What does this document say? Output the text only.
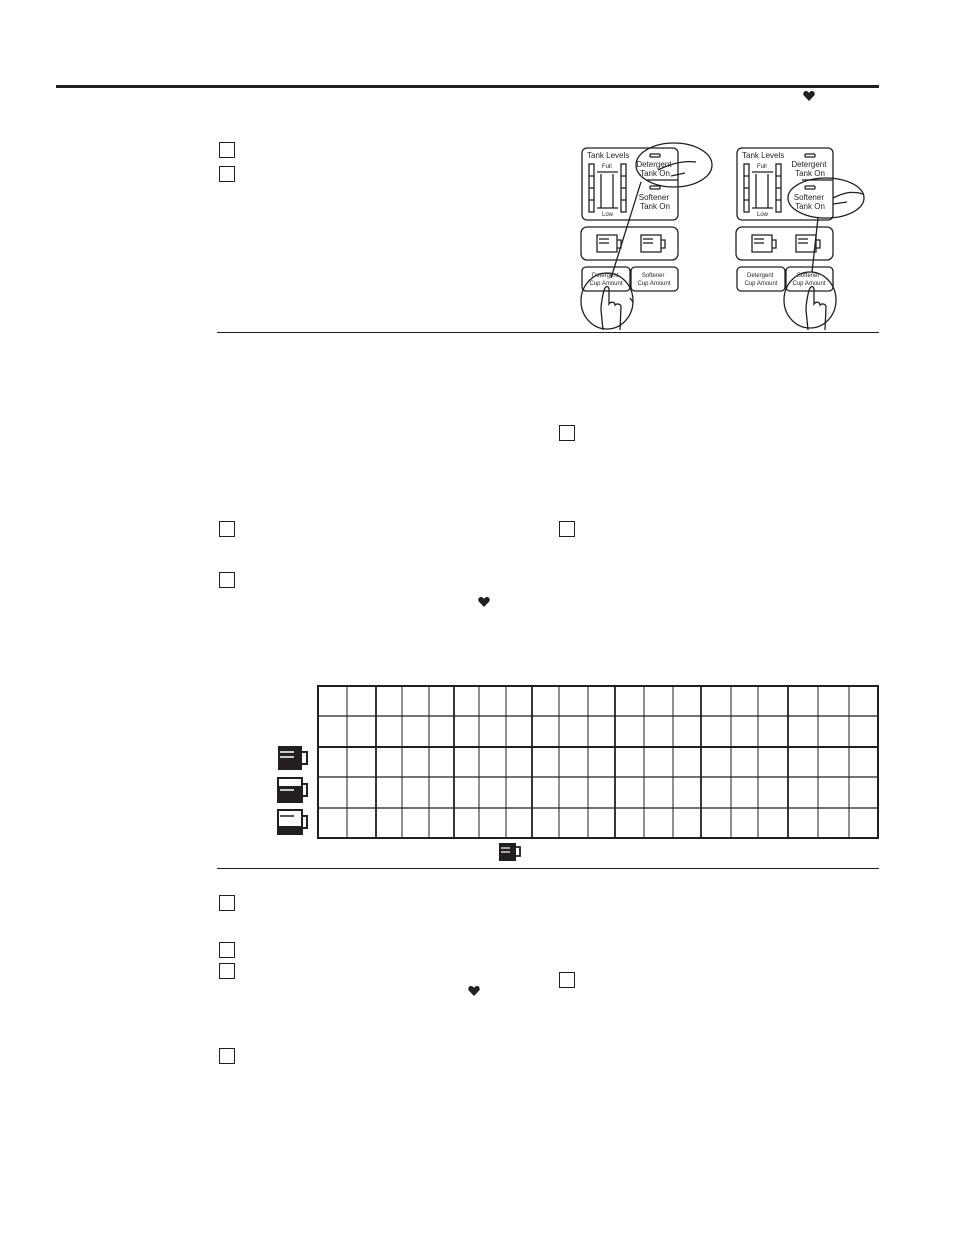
Tank Levels
Full
Low
Detergent Tank On
Softener Tank On
Detergent Cup Amount
Softener Cup Amount
Tank Levels
Full
Low
Detergent Tank On
Softener Tank On
Detergent Cup Amount
Softener Cup Amount
